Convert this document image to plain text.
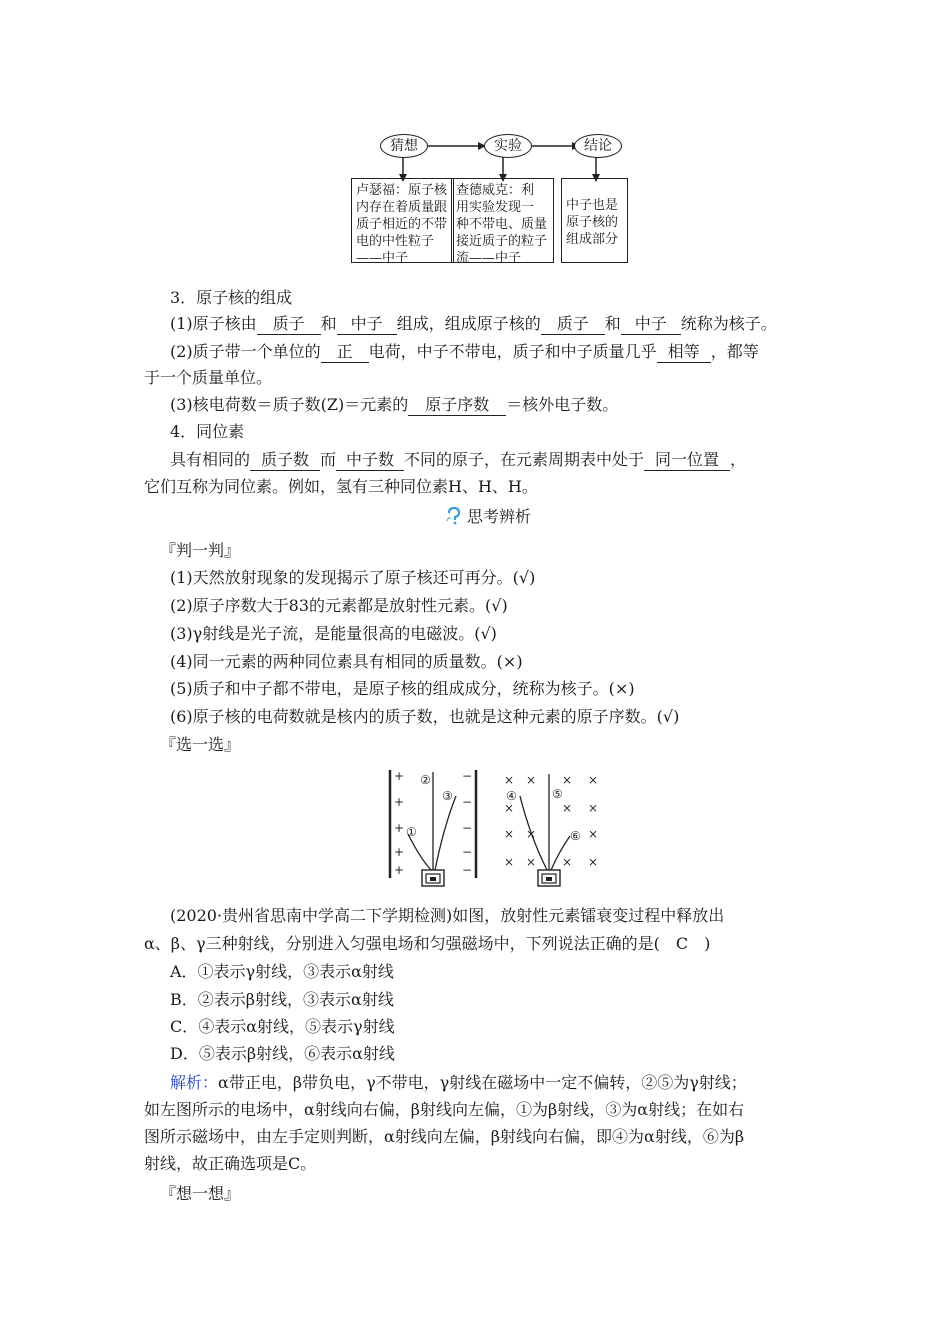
猜想	实验	结论
卢瑟福：原子核
内存在着质量跟
质子相近的不带
电的中性粒子
——中子
查德威克：利
用实验发现一
种不带电、质量
接近质子的粒子
流——中子
中子也是
原子核的
组成部分
3．原子核的组成
(1)原子核由 质子 和 中子 组成，组成原子核的 质子 和 中子 统称为核子。
(2)质子带一个单位的 正 电荷，中子不带电，质子和中子质量几乎 相等 ，都等
于一个质量单位。
(3)核电荷数＝质子数(Z)＝元素的 原子序数 ＝核外电子数。
4．同位素
具有相同的 质子数 而 中子数 不同的原子，在元素周期表中处于 同一位置 ，
它们互称为同位素。例如，氢有三种同位素H、H、H。
思考辨析
『判一判』
(1)天然放射现象的发现揭示了原子核还可再分。(√)
(2)原子序数大于83的元素都是放射性元素。(√)
(3)γ射线是光子流，是能量很高的电磁波。(√)
(4)同一元素的两种同位素具有相同的质量数。(×)
(5)质子和中子都不带电，是原子核的组成成分，统称为核子。(×)
(6)原子核的电荷数就是核内的质子数，也就是这种元素的原子序数。(√)
『选一选』
+
+
+
+
+
−
−
−
−
−
①
②
③
× × × ×
×
×
×
×
×
× × × ×
×
④	⑤
⑥
(2020·贵州省思南中学高二下学期检测)如图，放射性元素镭衰变过程中释放出
α、β、γ三种射线，分别进入匀强电场和匀强磁场中，下列说法正确的是(　C　)
A．①表示γ射线，③表示α射线
B．②表示β射线，③表示α射线
C．④表示α射线，⑤表示γ射线
D．⑤表示β射线，⑥表示α射线
解析：α带正电，β带负电，γ不带电，γ射线在磁场中一定不偏转，②⑤为γ射线；
如左图所示的电场中，α射线向右偏，β射线向左偏，①为β射线，③为α射线；在如右
图所示磁场中，由左手定则判断，α射线向左偏，β射线向右偏，即④为α射线，⑥为β
射线，故正确选项是C。
『想一想』
